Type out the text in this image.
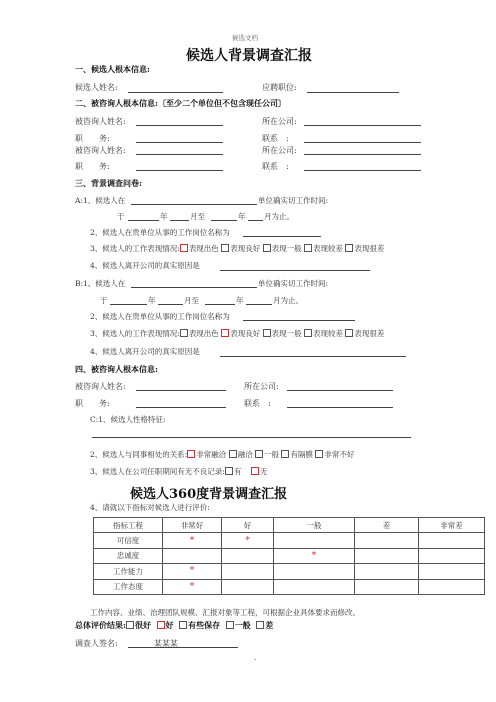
候选文档
候选人背景调查汇报
一、候选人根本信息:
候选人姓名:	应聘职位:
二、被咨询人根本信息:〔至少二个单位但不包含现任公司〕
被咨询人姓名:	所在公司:
职　　务:	联系　:
被咨询人姓名:	所在公司:
职　　务:	联系　:
三、背景调查问卷:
A:1、候选人在	单位确实切工作时间:
于	年	月至	年 月为止。
2、候选人在贵单位从事的工作岗位名称为
3、候选人的工作表现情况: 表现出色 表现良好 表现一般 表现较差 表现很差
4、候选人离开公司的真实原因是
B:1、候选人在	单位确实切工作时间:
于	年	月至	年	月为止。
2、候选人在贵单位从事的工作岗位名称为
3、候选人的工作表现情况: 表现出色 表现良好 表现一般 表现较差 表现很差
4、候选人离开公司的真实原因是
四、被咨询人根本信息:
被咨询人姓名:	所在公司:
职　　务:	联系　:
C:1、候选人性格特征:
2、候选人与同事相处的关系: 非常融洽 融洽 一般 有隔膜 非常不好
3、候选人在公司任职期间有无不良记录: 有 无
候选人360度背景调查汇报
4、请就以下指标对候选人进行评价:
指标工程	非常好	好	一般	差	非常差
可信度	*	*			
忠诚度			*		
工作能力	*				
工作态度	*				
工作内容、业绩、治理团队规模、汇报对象等工程，可根据企业具体要求而修改。
总体评价结果: 很好 好 有些保存 一般 差
调查人签名:	某某某
.
